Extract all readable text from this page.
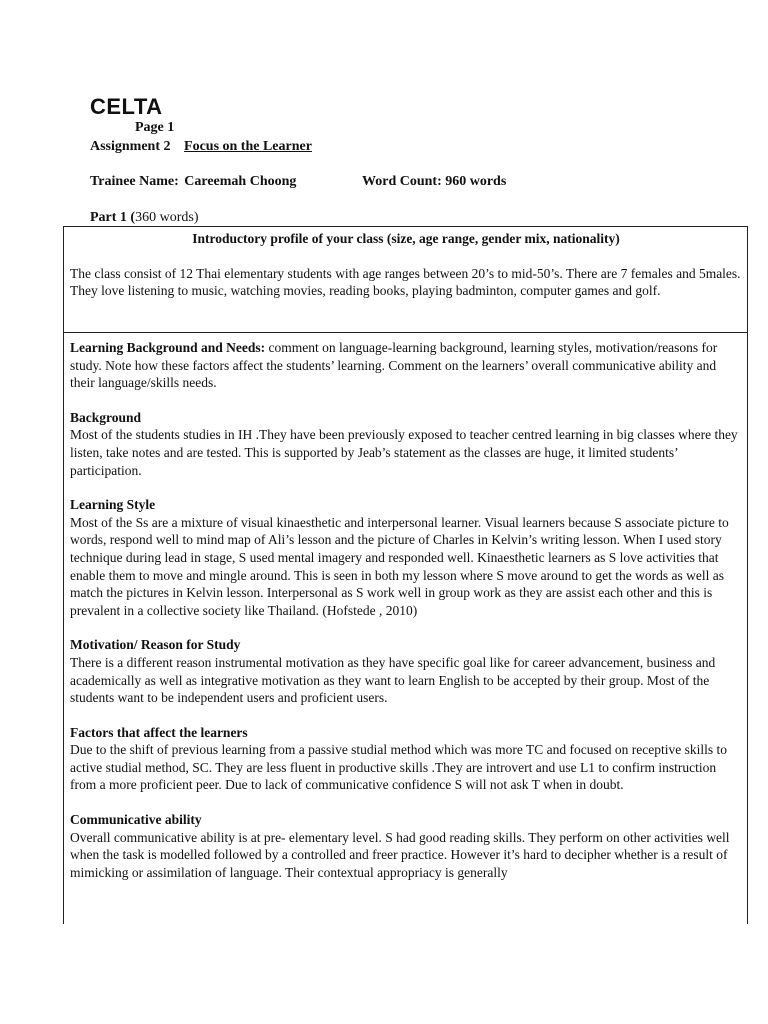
CELTA
Page 1
Assignment 2 Focus on the Learner
Trainee Name: Careemah Choong	Word Count: 960 words
Part 1 (360 words)
Introductory profile of your class (size, age range, gender mix, nationality)
The class consist of 12 Thai elementary students with age ranges between 20’s to mid-50’s. There are 7 females and 5males. They love listening to music, watching movies, reading books, playing badminton, computer games and golf.

Learning Background and Needs: comment on language-learning background, learning styles, motivation/reasons for study. Note how these factors affect the students’ learning. Comment on the learners’ overall communicative ability and their language/skills needs.

Background
Most of the students studies in IH .They have been previously exposed to teacher centred learning in big classes where they listen, take notes and are tested. This is supported by Jeab’s statement as the classes are huge, it limited students’ participation.

Learning Style
Most of the Ss are a mixture of visual kinaesthetic and interpersonal learner. Visual learners because S associate picture to words, respond well to mind map of Ali’s lesson and the picture of Charles in Kelvin’s writing lesson. When I used story technique during lead in stage, S used mental imagery and responded well. Kinaesthetic learners as S love activities that enable them to move and mingle around. This is seen in both my lesson where S move around to get the words as well as match the pictures in Kelvin lesson. Interpersonal as S work well in group work as they are assist each other and this is prevalent in a collective society like Thailand. (Hofstede , 2010)

Motivation/ Reason for Study
There is a different reason instrumental motivation as they have specific goal like for career advancement, business and academically as well as integrative motivation as they want to learn English to be accepted by their group. Most of the students want to be independent users and proficient users.

Factors that affect the learners
Due to the shift of previous learning from a passive studial method which was more TC and focused on receptive skills to active studial method, SC. They are less fluent in productive skills .They are introvert and use L1 to confirm instruction from a more proficient peer. Due to lack of communicative confidence S will not ask T when in doubt.

Communicative ability
Overall communicative ability is at pre- elementary level. S had good reading skills. They perform on other activities well when the task is modelled followed by a controlled and freer practice. However it’s hard to decipher whether is a result of mimicking or assimilation of language. Their contextual appropriacy is generally
